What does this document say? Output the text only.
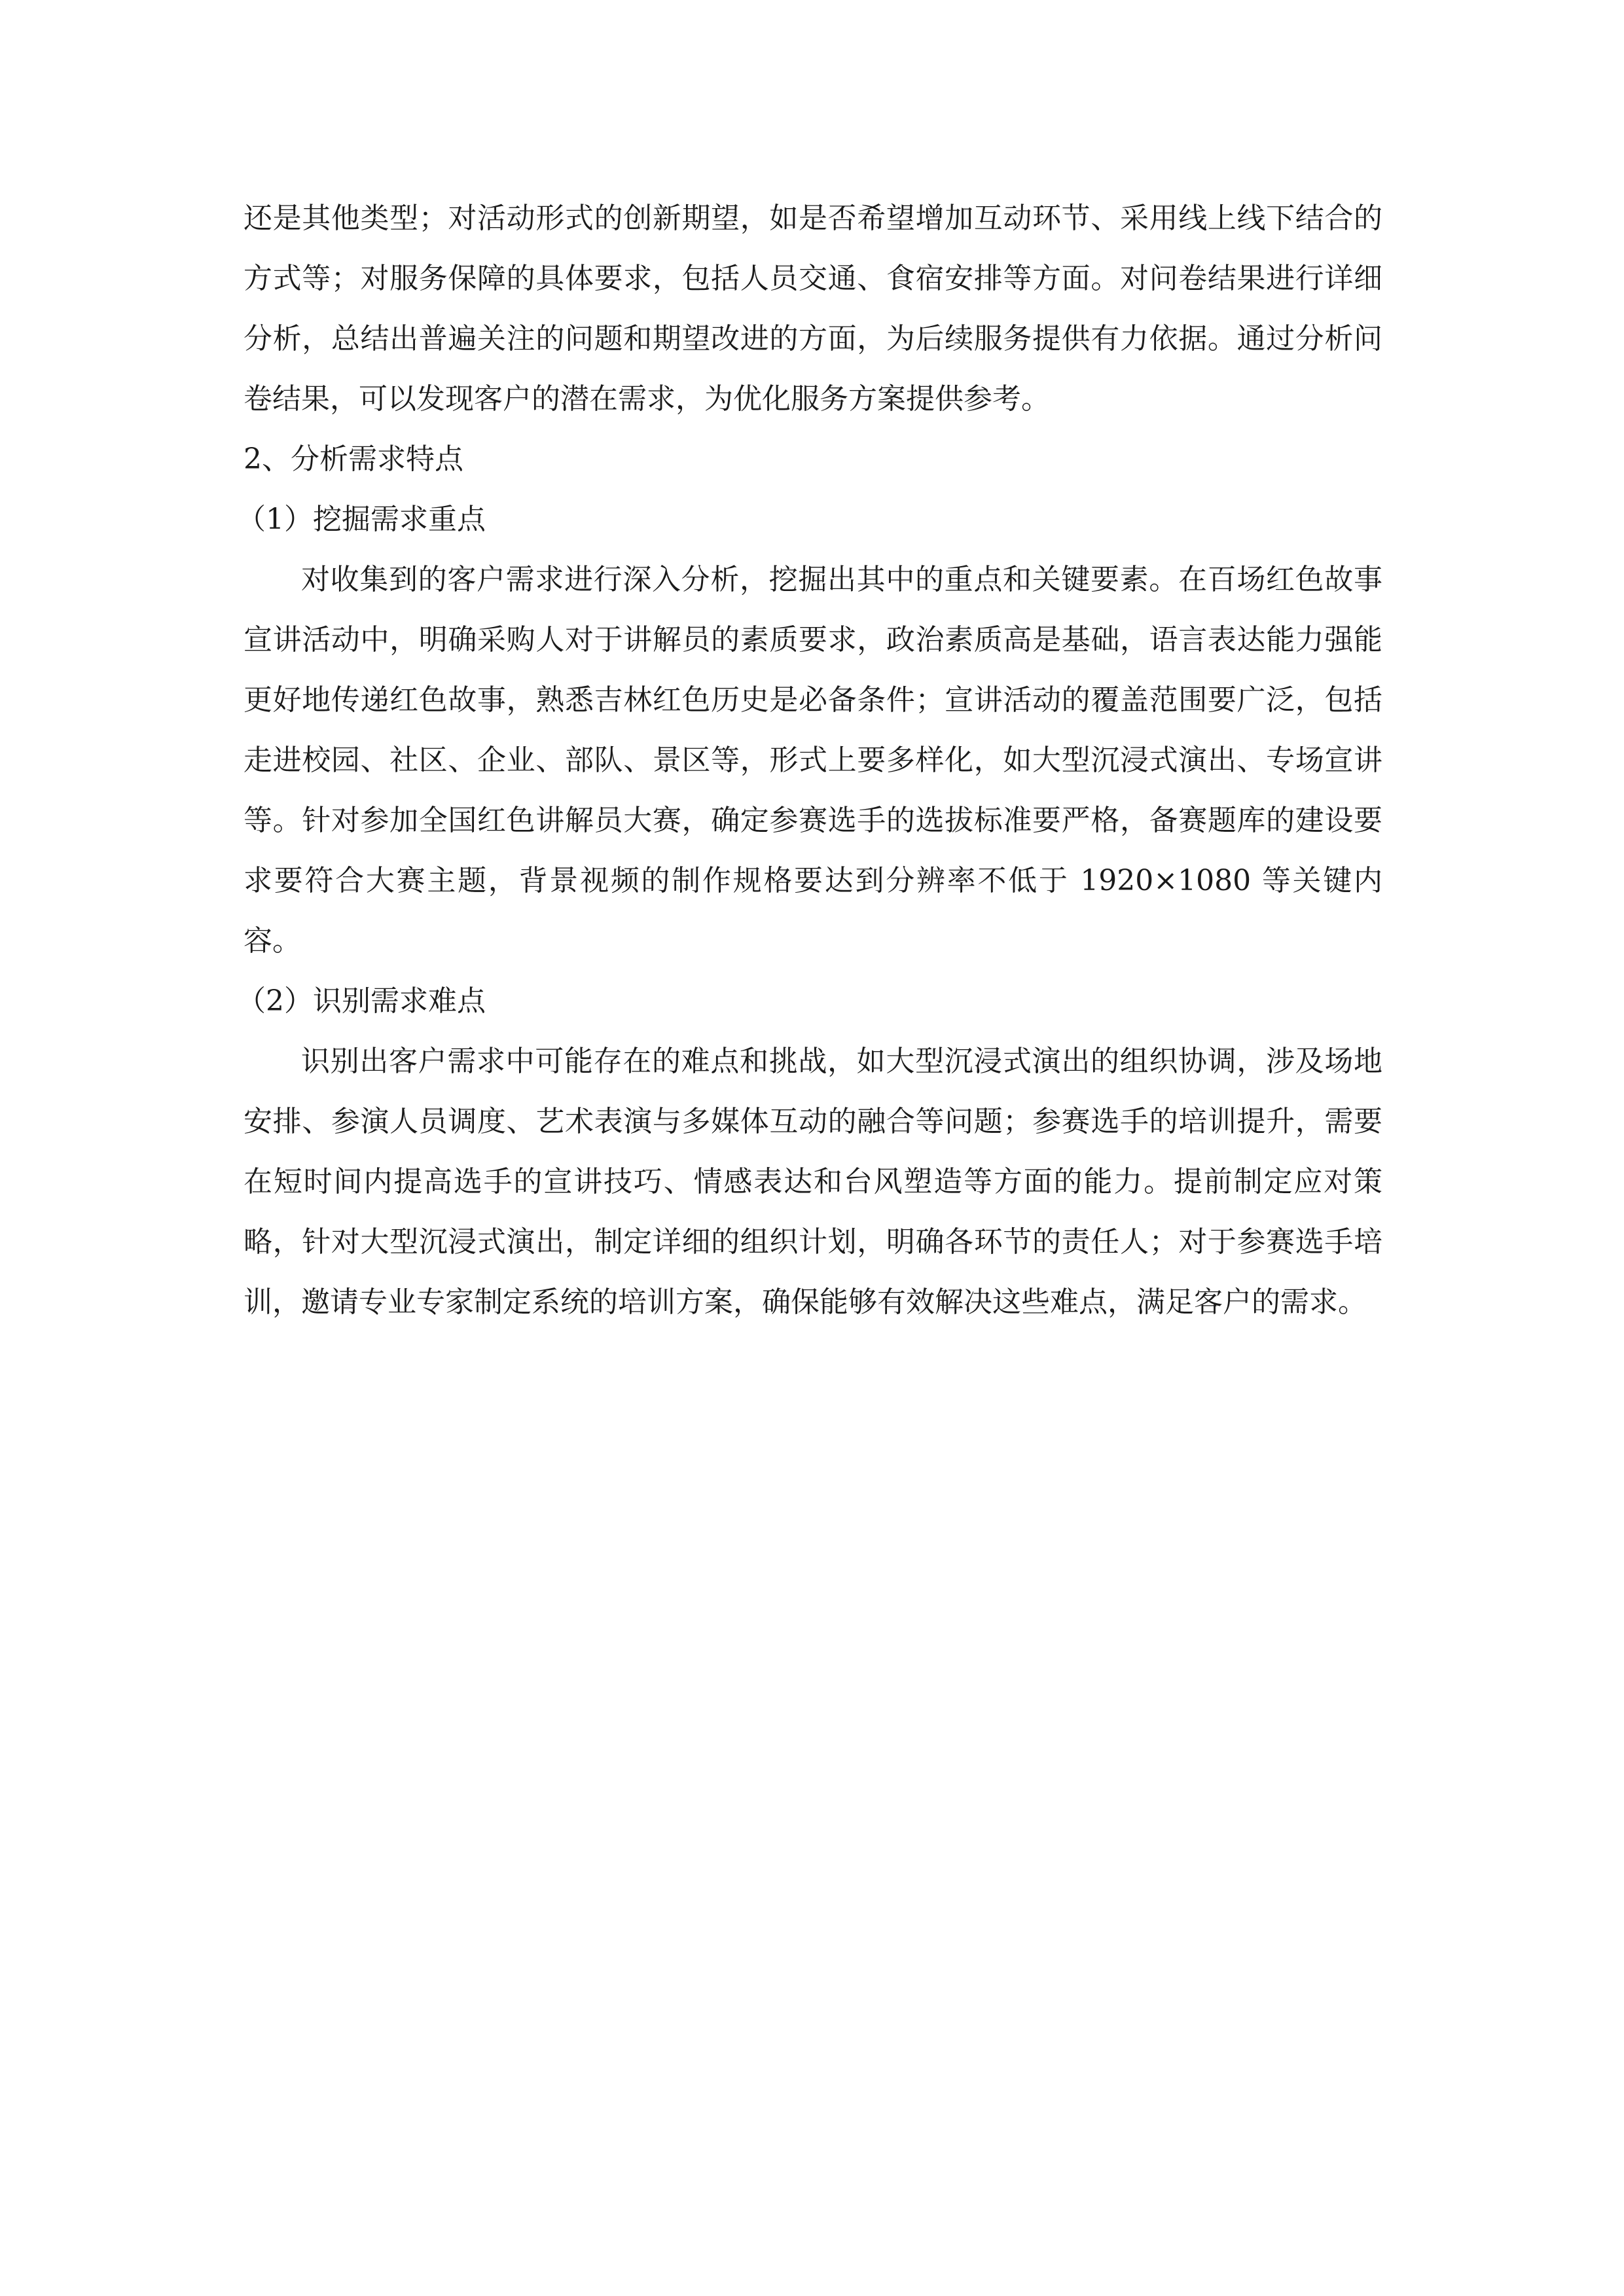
还是其他类型；对活动形式的创新期望，如是否希望增加互动环节、采用线上线下结合的方式等；对服务保障的具体要求，包括人员交通、食宿安排等方面。对问卷结果进行详细分析，总结出普遍关注的问题和期望改进的方面，为后续服务提供有力依据。通过分析问卷结果，可以发现客户的潜在需求，为优化服务方案提供参考。

2、分析需求特点

（1）挖掘需求重点

对收集到的客户需求进行深入分析，挖掘出其中的重点和关键要素。在百场红色故事宣讲活动中，明确采购人对于讲解员的素质要求，政治素质高是基础，语言表达能力强能更好地传递红色故事，熟悉吉林红色历史是必备条件；宣讲活动的覆盖范围要广泛，包括走进校园、社区、企业、部队、景区等，形式上要多样化，如大型沉浸式演出、专场宣讲等。针对参加全国红色讲解员大赛，确定参赛选手的选拔标准要严格，备赛题库的建设要求要符合大赛主题，背景视频的制作规格要达到分辨率不低于 1920×1080 等关键内容。

（2）识别需求难点

识别出客户需求中可能存在的难点和挑战，如大型沉浸式演出的组织协调，涉及场地安排、参演人员调度、艺术表演与多媒体互动的融合等问题；参赛选手的培训提升，需要在短时间内提高选手的宣讲技巧、情感表达和台风塑造等方面的能力。提前制定应对策略，针对大型沉浸式演出，制定详细的组织计划，明确各环节的责任人；对于参赛选手培训，邀请专业专家制定系统的培训方案，确保能够有效解决这些难点，满足客户的需求。
